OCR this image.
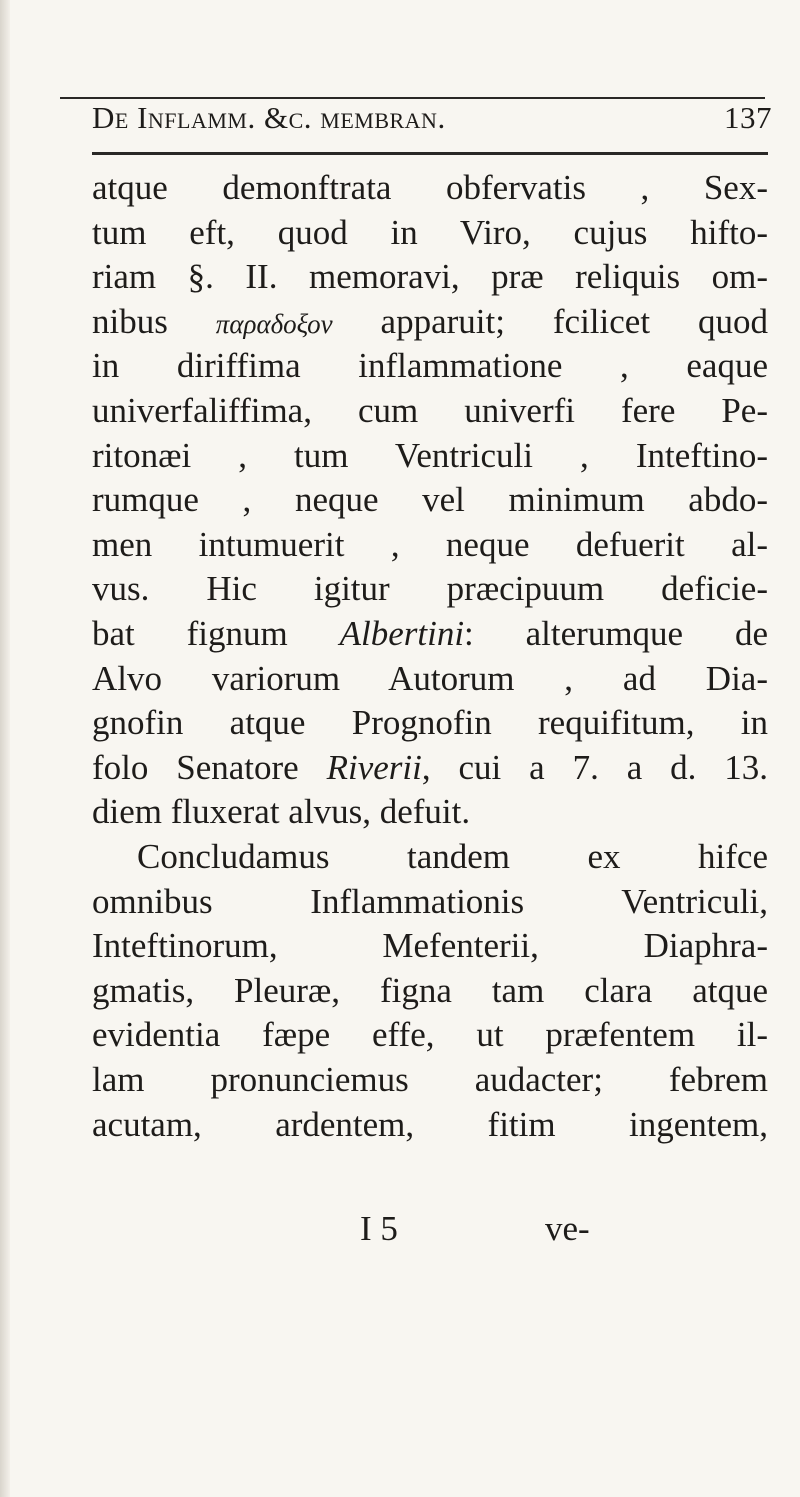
De Inflamm. &c. membran.	137
atque demonftrata obfervatis , Sex-
tum eft, quod in Viro, cujus hifto-
riam §. II. memoravi, præ reliquis om-
nibus παραδοξον apparuit; fcilicet quod
in diriffima inflammatione , eaque
univerfaliffima, cum univerfi fere Pe-
ritonæi , tum Ventriculi , Inteftino-
rumque , neque vel minimum abdo-
men intumuerit , neque defuerit al-
vus. Hic igitur præcipuum deficie-
bat fignum Albertini: alterumque de
Alvo variorum Autorum , ad Dia-
gnofin atque Prognofin requifitum, in
folo Senatore Riverii, cui a 7. a d. 13.
diem fluxerat alvus, defuit.
Concludamus tandem ex hifce
omnibus Inflammationis Ventriculi,
Inteftinorum, Mefenterii, Diaphra-
gmatis, Pleuræ, figna tam clara atque
evidentia fæpe effe, ut præfentem il-
lam pronunciemus audacter; febrem
acutam, ardentem, fitim ingentem,
I 5	ve-
